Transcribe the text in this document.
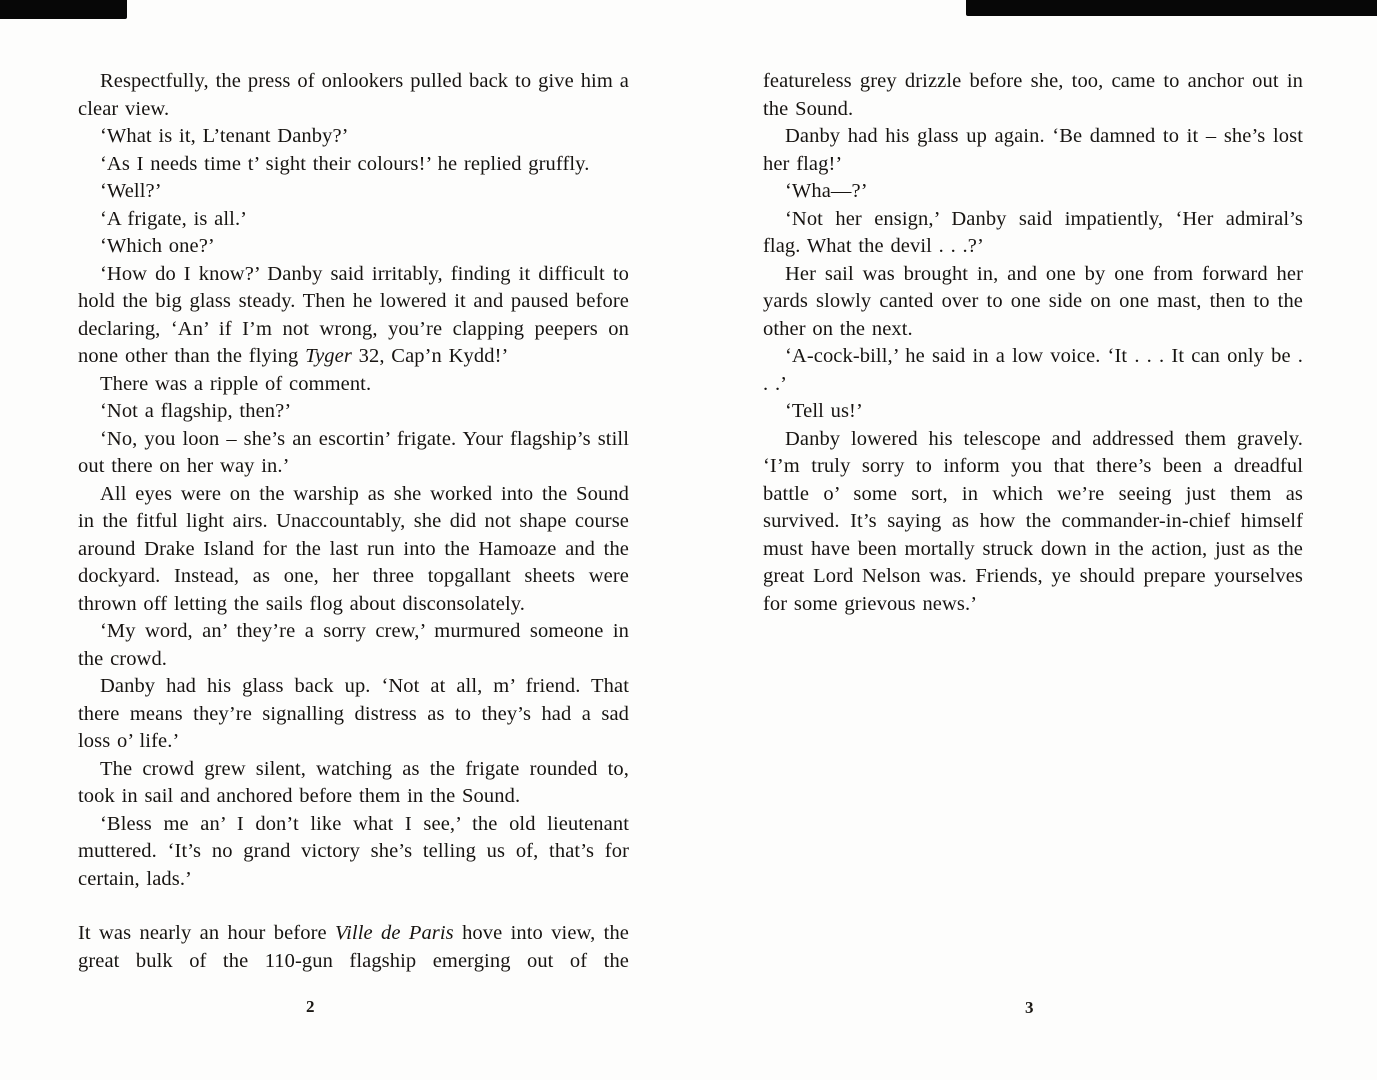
Respectfully, the press of onlookers pulled back to give him a clear view.

‘What is it, L’tenant Danby?’

‘As I needs time t’ sight their colours!’ he replied gruffly.

‘Well?’

‘A frigate, is all.’

‘Which one?’

‘How do I know?’ Danby said irritably, finding it difficult to hold the big glass steady. Then he lowered it and paused before declaring, ‘An’ if I’m not wrong, you’re clapping peepers on none other than the flying Tyger 32, Cap’n Kydd!’

There was a ripple of comment.

‘Not a flagship, then?’

‘No, you loon – she’s an escortin’ frigate. Your flagship’s still out there on her way in.’

All eyes were on the warship as she worked into the Sound in the fitful light airs. Unaccountably, she did not shape course around Drake Island for the last run into the Hamoaze and the dockyard. Instead, as one, her three topgallant sheets were thrown off letting the sails flog about disconsolately.

‘My word, an’ they’re a sorry crew,’ murmured someone in the crowd.

Danby had his glass back up. ‘Not at all, m’ friend. That there means they’re signalling distress as to they’s had a sad loss o’ life.’

The crowd grew silent, watching as the frigate rounded to, took in sail and anchored before them in the Sound.

‘Bless me an’ I don’t like what I see,’ the old lieutenant muttered. ‘It’s no grand victory she’s telling us of, that’s for certain, lads.’

It was nearly an hour before Ville de Paris hove into view, the great bulk of the 110-gun flagship emerging out of the

2

featureless grey drizzle before she, too, came to anchor out in the Sound.

Danby had his glass up again. ‘Be damned to it – she’s lost her flag!’

‘Wha—?’

‘Not her ensign,’ Danby said impatiently, ‘Her admiral’s flag. What the devil . . .?’

Her sail was brought in, and one by one from forward her yards slowly canted over to one side on one mast, then to the other on the next.

‘A-cock-bill,’ he said in a low voice. ‘It . . . It can only be . . .’

‘Tell us!’

Danby lowered his telescope and addressed them gravely. ‘I’m truly sorry to inform you that there’s been a dreadful battle o’ some sort, in which we’re seeing just them as survived. It’s saying as how the commander-in-chief himself must have been mortally struck down in the action, just as the great Lord Nelson was. Friends, ye should prepare yourselves for some grievous news.’

3
